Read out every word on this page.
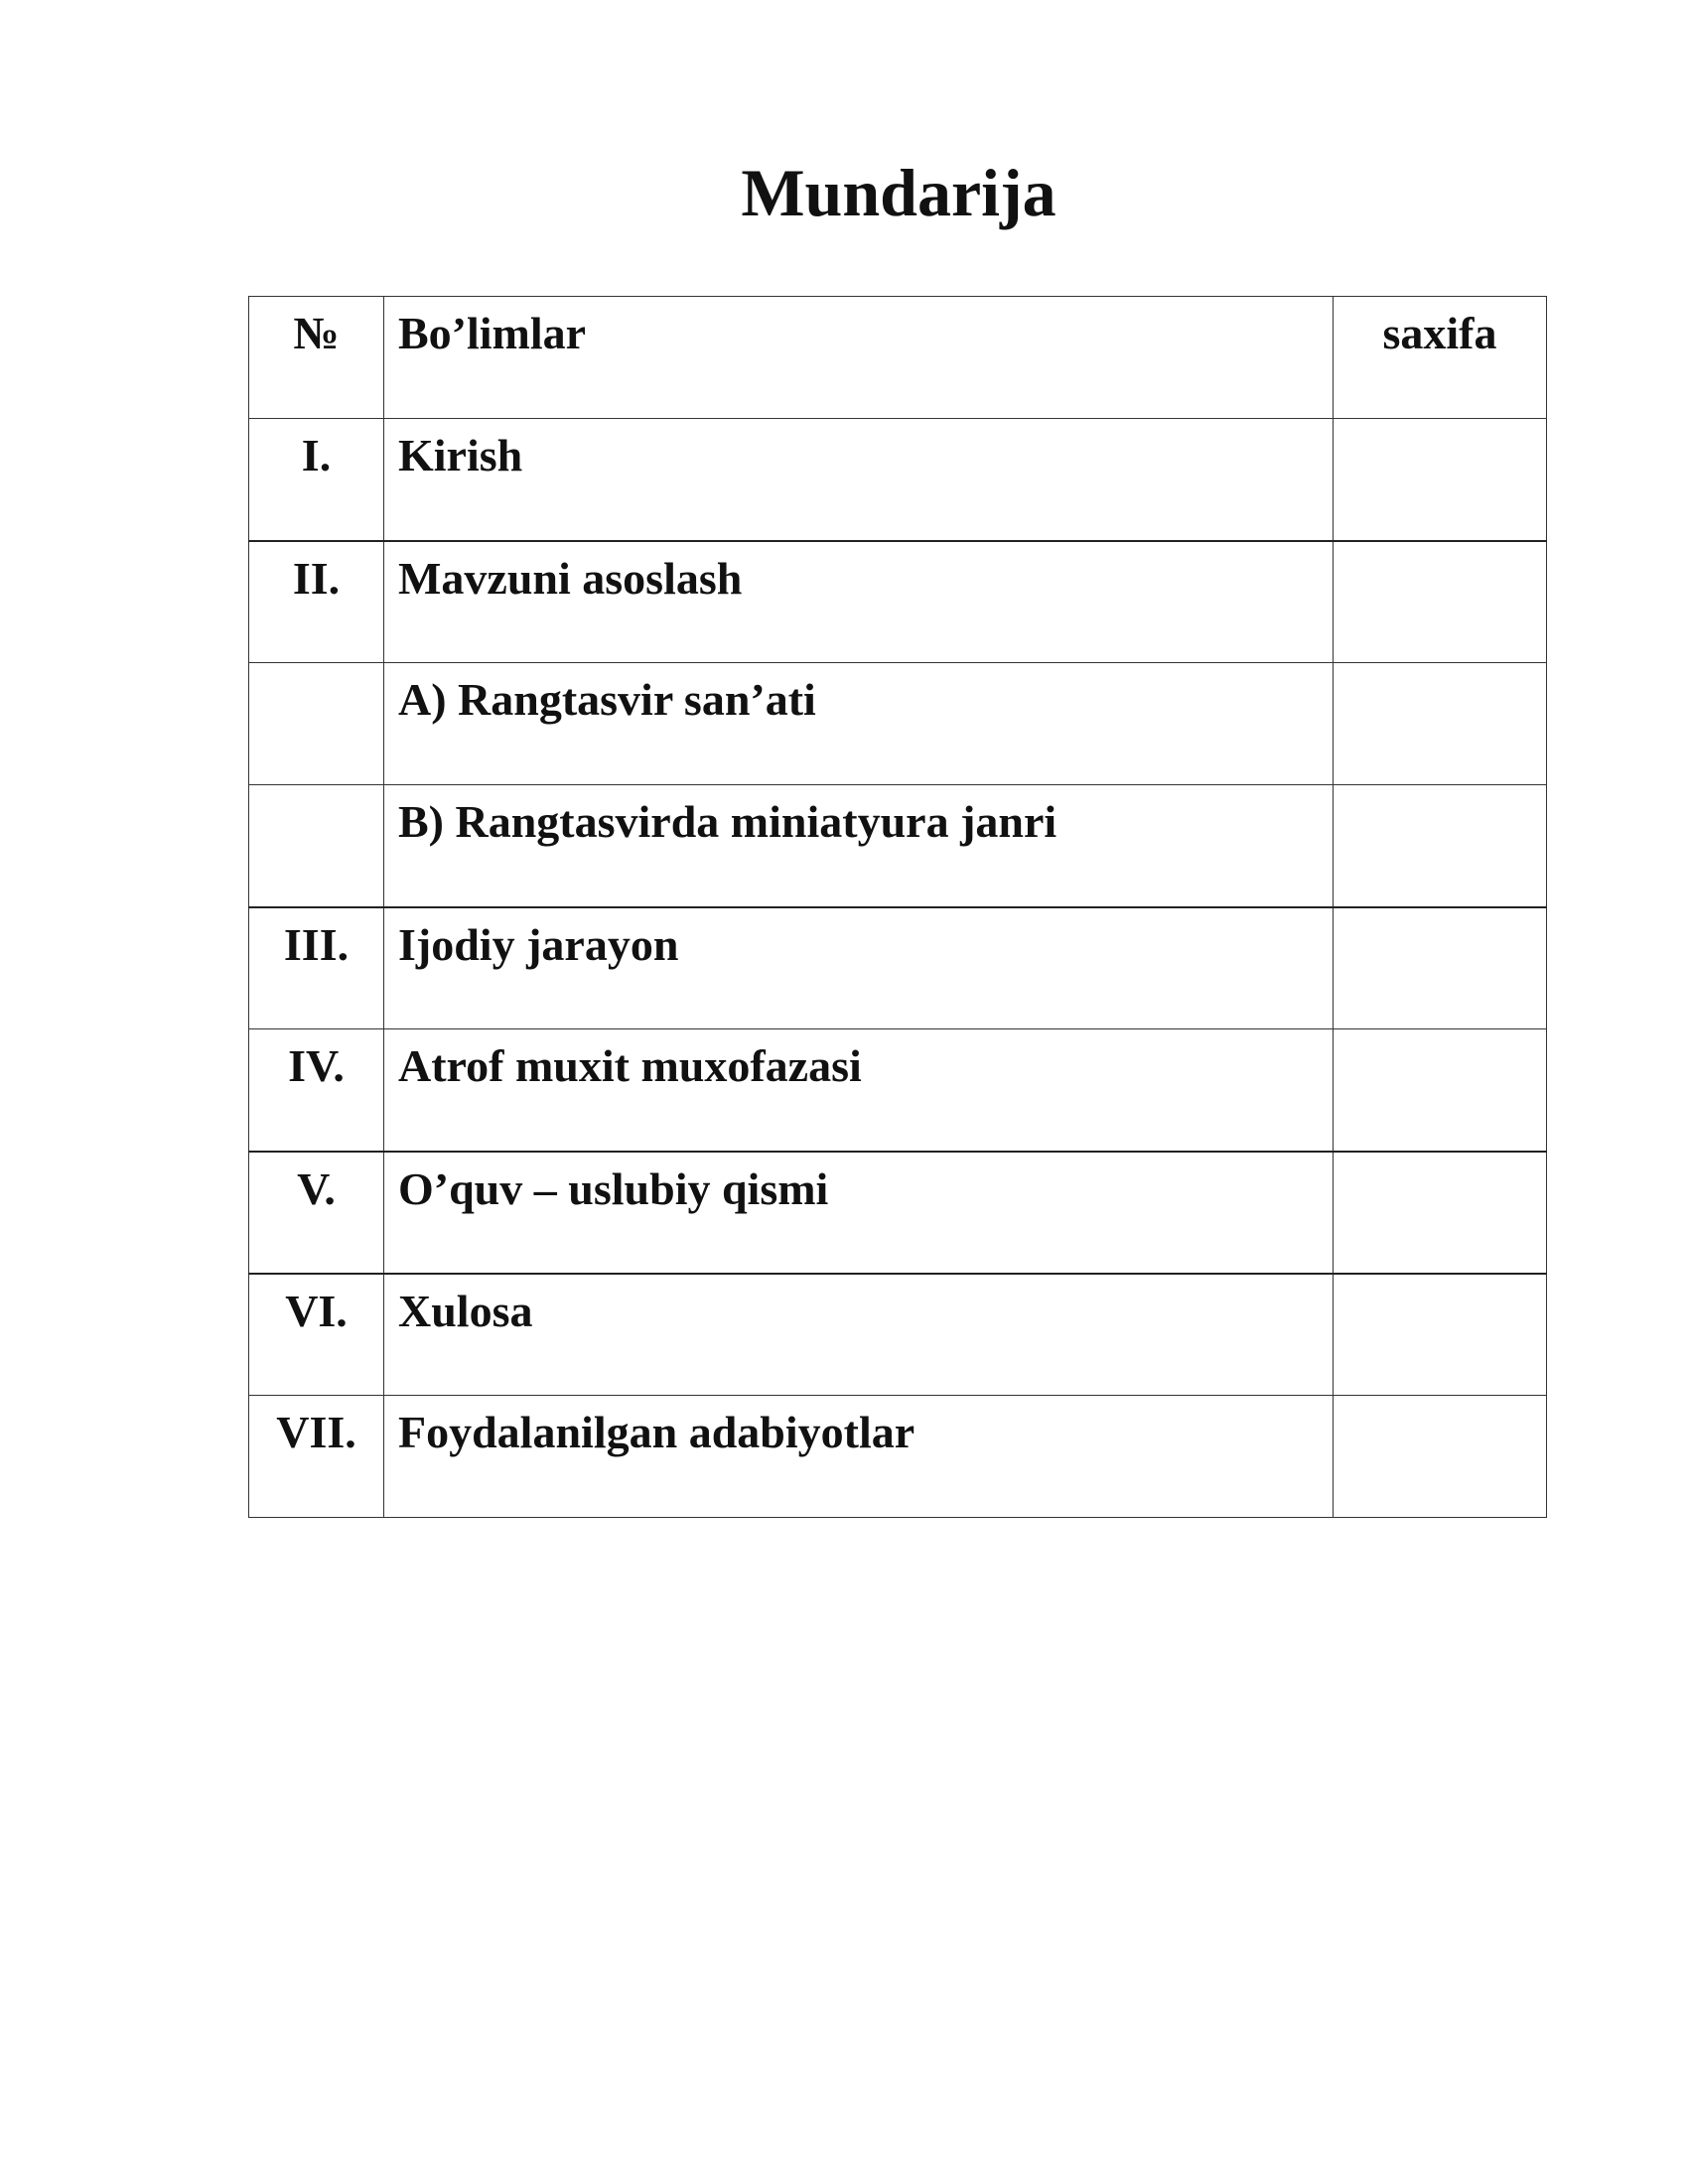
Mundarija
№	Bo’limlar	saxifa
I.	Kirish	
II.	Mavzuni asoslash	
	A) Rangtasvir san’ati	
	B) Rangtasvirda miniatyura janri	
III.	Ijodiy jarayon	
IV.	Atrof muxit muxofazasi	
V.	O’quv – uslubiy qismi	
VI.	Xulosa	
VII.	Foydalanilgan adabiyotlar	
